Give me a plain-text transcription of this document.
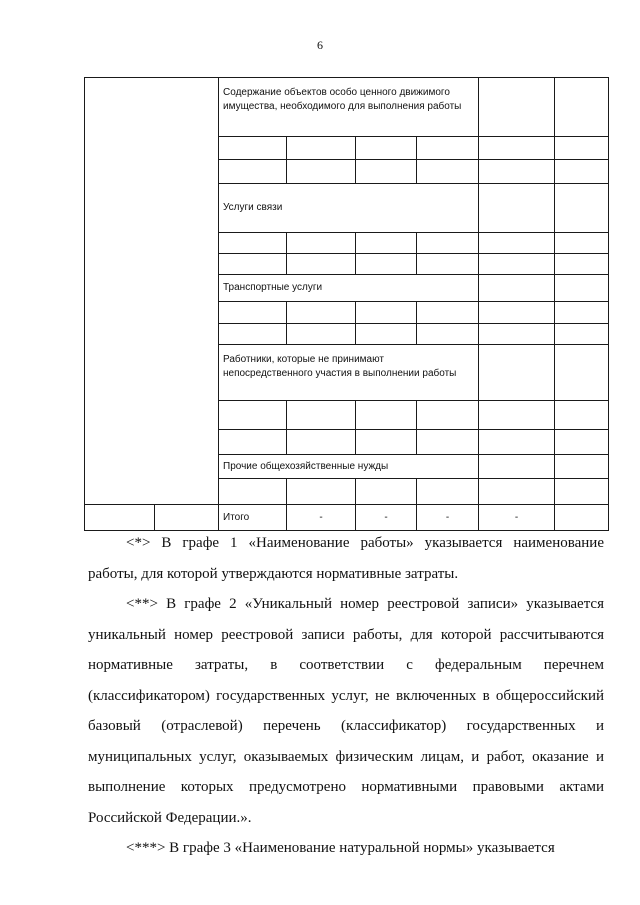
6
		Содержание объектов особо ценного движимого имущества, необходимого для выполнения работы					

		Услуги связи					

		Транспортные услуги					

		Работники, которые не принимают непосредственного участия в выполнении работы					

		Прочие общехозяйственные нужды					

		Итого	-	-	-	-	

<*> В графе 1 «Наименование работы» указывается наименование работы, для которой утверждаются нормативные затраты.

<**> В графе 2 «Уникальный номер реестровой записи» указывается уникальный номер реестровой записи работы, для которой рассчитываются нормативные затраты, в соответствии с федеральным перечнем (классификатором) государственных услуг, не включенных в общероссийский базовый (отраслевой) перечень (классификатор) государственных и муниципальных услуг, оказываемых физическим лицам, и работ, оказание и выполнение которых предусмотрено нормативными правовыми актами Российской Федерации.».

<***> В графе 3 «Наименование натуральной нормы» указывается
